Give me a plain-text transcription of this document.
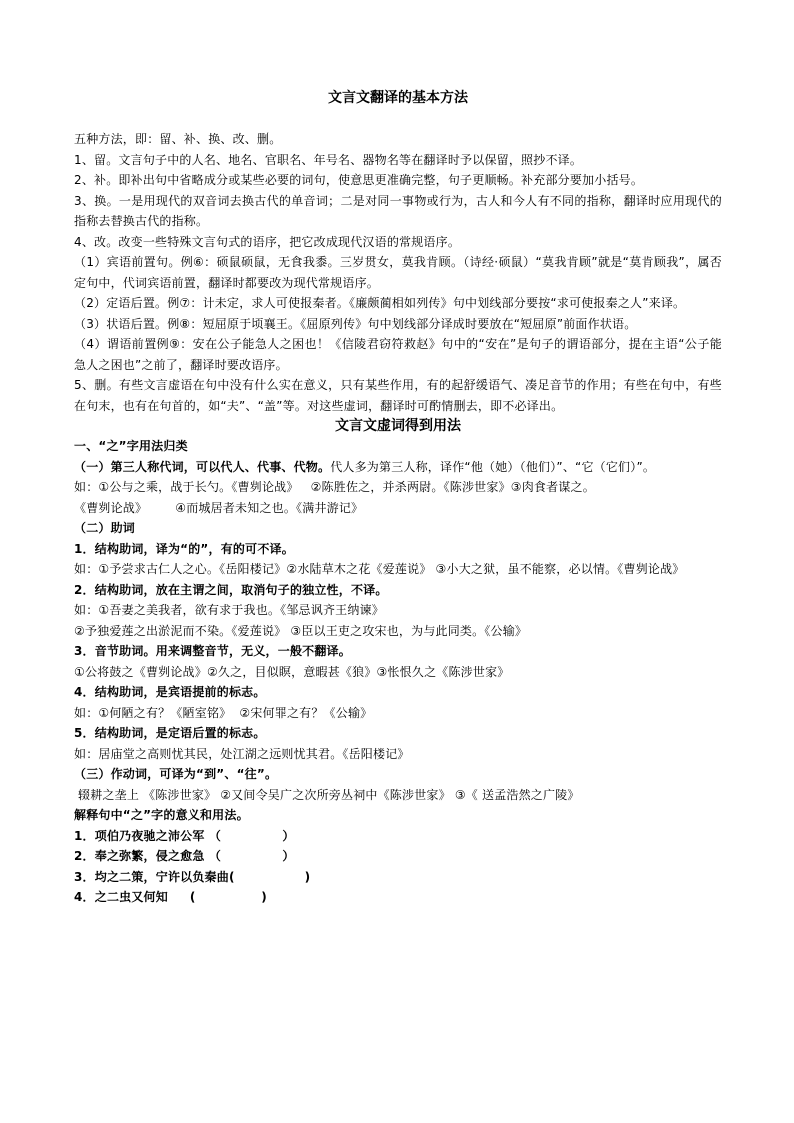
文言文翻译的基本方法

五种方法，即：留、补、换、改、删。

1、留。文言句子中的人名、地名、官职名、年号名、器物名等在翻译时予以保留，照抄不译。

2、补。即补出句中省略成分或某些必要的词句，使意思更准确完整，句子更顺畅。补充部分要加小括号。

3、换。一是用现代的双音词去换古代的单音词；二是对同一事物或行为，古人和今人有不同的指称，翻译时应用现代的指称去替换古代的指称。

4、改。改变一些特殊文言句式的语序，把它改成现代汉语的常规语序。

（1）宾语前置句。例⑥：硕鼠硕鼠，无食我黍。三岁贯女，莫我肯顾。（诗经·硕鼠）“莫我肯顾”就是“莫肯顾我”，属否定句中，代词宾语前置，翻译时都要改为现代常规语序。

（2）定语后置。例⑦：计未定，求人可使报秦者。《廉颇蔺相如列传》句中划线部分要按“求可使报秦之人”来译。

（3）状语后置。例⑧：短屈原于顷襄王。《屈原列传》句中划线部分译成时要放在“短屈原”前面作状语。

（4）谓语前置例⑨：安在公子能急人之困也！《信陵君窃符救赵》句中的“安在”是句子的谓语部分，提在主语“公子能急人之困也”之前了，翻译时要改语序。

5、删。有些文言虚语在句中没有什么实在意义，只有某些作用，有的起舒缓语气、凑足音节的作用；有些在句中，有些在句末，也有在句首的，如“夫”、“盖”等。对这些虚词，翻译时可酌情删去，即不必译出。

文言文虚词得到用法

一、“之”字用法归类

（一）第三人称代词，可以代人、代事、代物。代人多为第三人称，译作“他（她）（他们）”、“它（它们）”。

如：①公与之乘，战于长勺。《曹刿论战》   ②陈胜佐之，并杀两尉。《陈涉世家》③肉食者谋之。

《曹刿论战》       ④而城居者未知之也。《满井游记》

（二）助词

1．结构助词，译为“的”，有的可不译。

如：①予尝求古仁人之心。《岳阳楼记》②水陆草木之花《爱莲说》 ③小大之狱，虽不能察，必以情。《曹刿论战》

2．结构助词，放在主谓之间，取消句子的独立性，不译。

如：①吾妻之美我者，欲有求于我也。《邹忌讽齐王纳谏》

②予独爱莲之出淤泥而不染。《爱莲说》 ③臣以王吏之攻宋也，为与此同类。《公输》

3．音节助词。用来调整音节，无义，一般不翻译。

①公将鼓之《曹刿论战》②久之，目似瞑，意暇甚《狼》③怅恨久之《陈涉世家》

4．结构助词，是宾语提前的标志。

如：①何陋之有？《陋室铭》  ②宋何罪之有？《公输》

5．结构助词，是定语后置的标志。

如：居庙堂之高则忧其民，处江湖之远则忧其君。《岳阳楼记》

（三）作动词，可译为“到”、“往”。

辍耕之垄上 《陈涉世家》 ②又间令吴广之次所旁丛祠中《陈涉世家》 ③《 送孟浩然之广陵》

解释句中“之”字的意义和用法。

1．项伯乃夜驰之沛公军 （              ）

2．奉之弥繁，侵之愈急 （              ）

3．均之二策，宁许以负秦曲(                )

4．之二虫又何知     (               )
